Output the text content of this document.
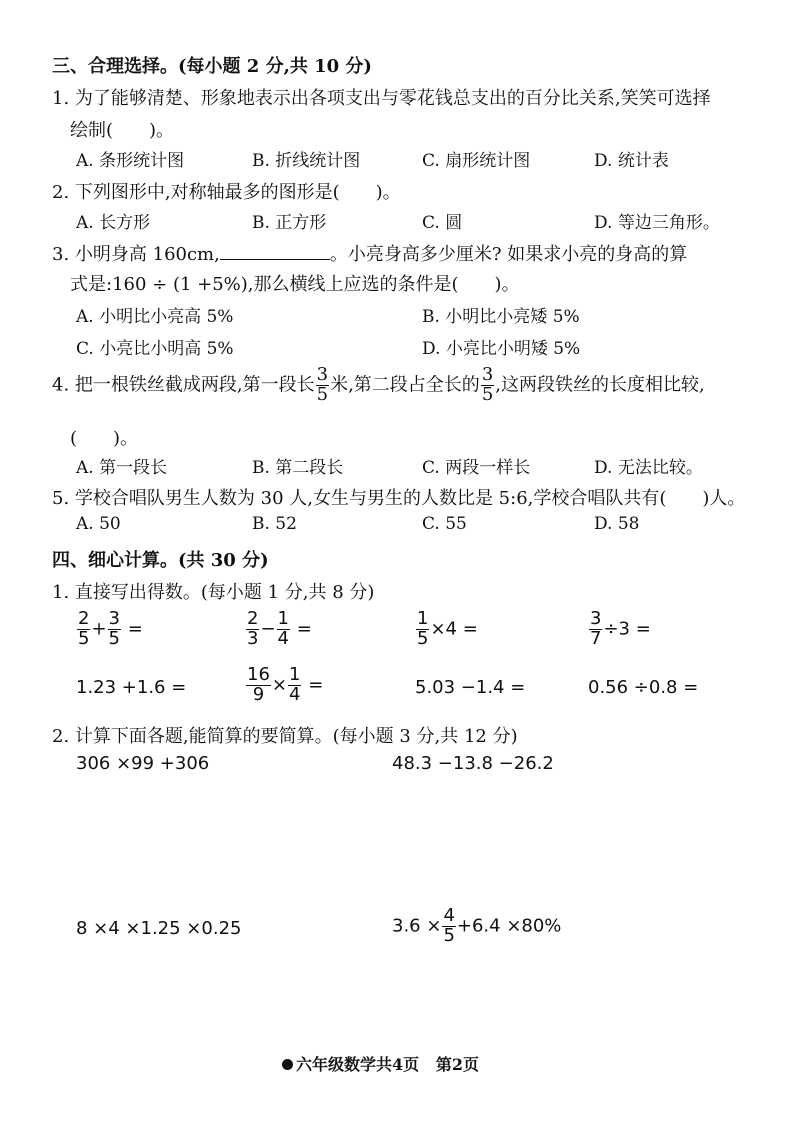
三、合理选择。(每小题 2 分,共 10 分)
1. 为了能够清楚、形象地表示出各项支出与零花钱总支出的百分比关系,笑笑可选择
绘制(　　)。
A. 条形统计图	B. 折线统计图	C. 扇形统计图	D. 统计表
2. 下列图形中,对称轴最多的图形是(　　)。
A. 长方形	B. 正方形	C. 圆	D. 等边三角形。
3. 小明身高 160cm,	。小亮身高多少厘米? 如果求小亮的身高的算
式是:160 ÷ (1 +5%),那么横线上应选的条件是(　　)。
A. 小明比小亮高 5%	B. 小明比小亮矮 5%
C. 小亮比小明高 5%	D. 小亮比小明矮 5%
4. 把一根铁丝截成两段,第一段长 $\frac{3}{5}$ 米,第二段占全长的 $\frac{3}{5}$ ,这两段铁丝的长度相比较,
(　　)。
A. 第一段长	B. 第二段长	C. 两段一样长	D. 无法比较。
5. 学校合唱队男生人数为 30 人,女生与男生的人数比是 5:6,学校合唱队共有(　　)人。
A. 50	B. 52	C. 55	D. 58
四、细心计算。(共 30 分)
1. 直接写出得数。(每小题 1 分,共 8 分)
$\frac{2}{5} + \frac{3}{5}$ =	$\frac{2}{3} - \frac{1}{4}$ =	$\frac{1}{5} \times 4$ =	$\frac{3}{7} \div 3$ =
1.23 +1.6 =	$\frac{16}{9} \times \frac{1}{4}$ =	5.03 −1.4 =	0.56 ÷0.8 =
2. 计算下面各题,能简算的要简算。(每小题 3 分,共 12 分)
306 ×99 +306	48.3 −13.8 −26.2
8 ×4 ×1.25 ×0.25	$3.6 \times \frac{4}{5} +6.4 \times 80\%$
六年级数学共4页 第2页
